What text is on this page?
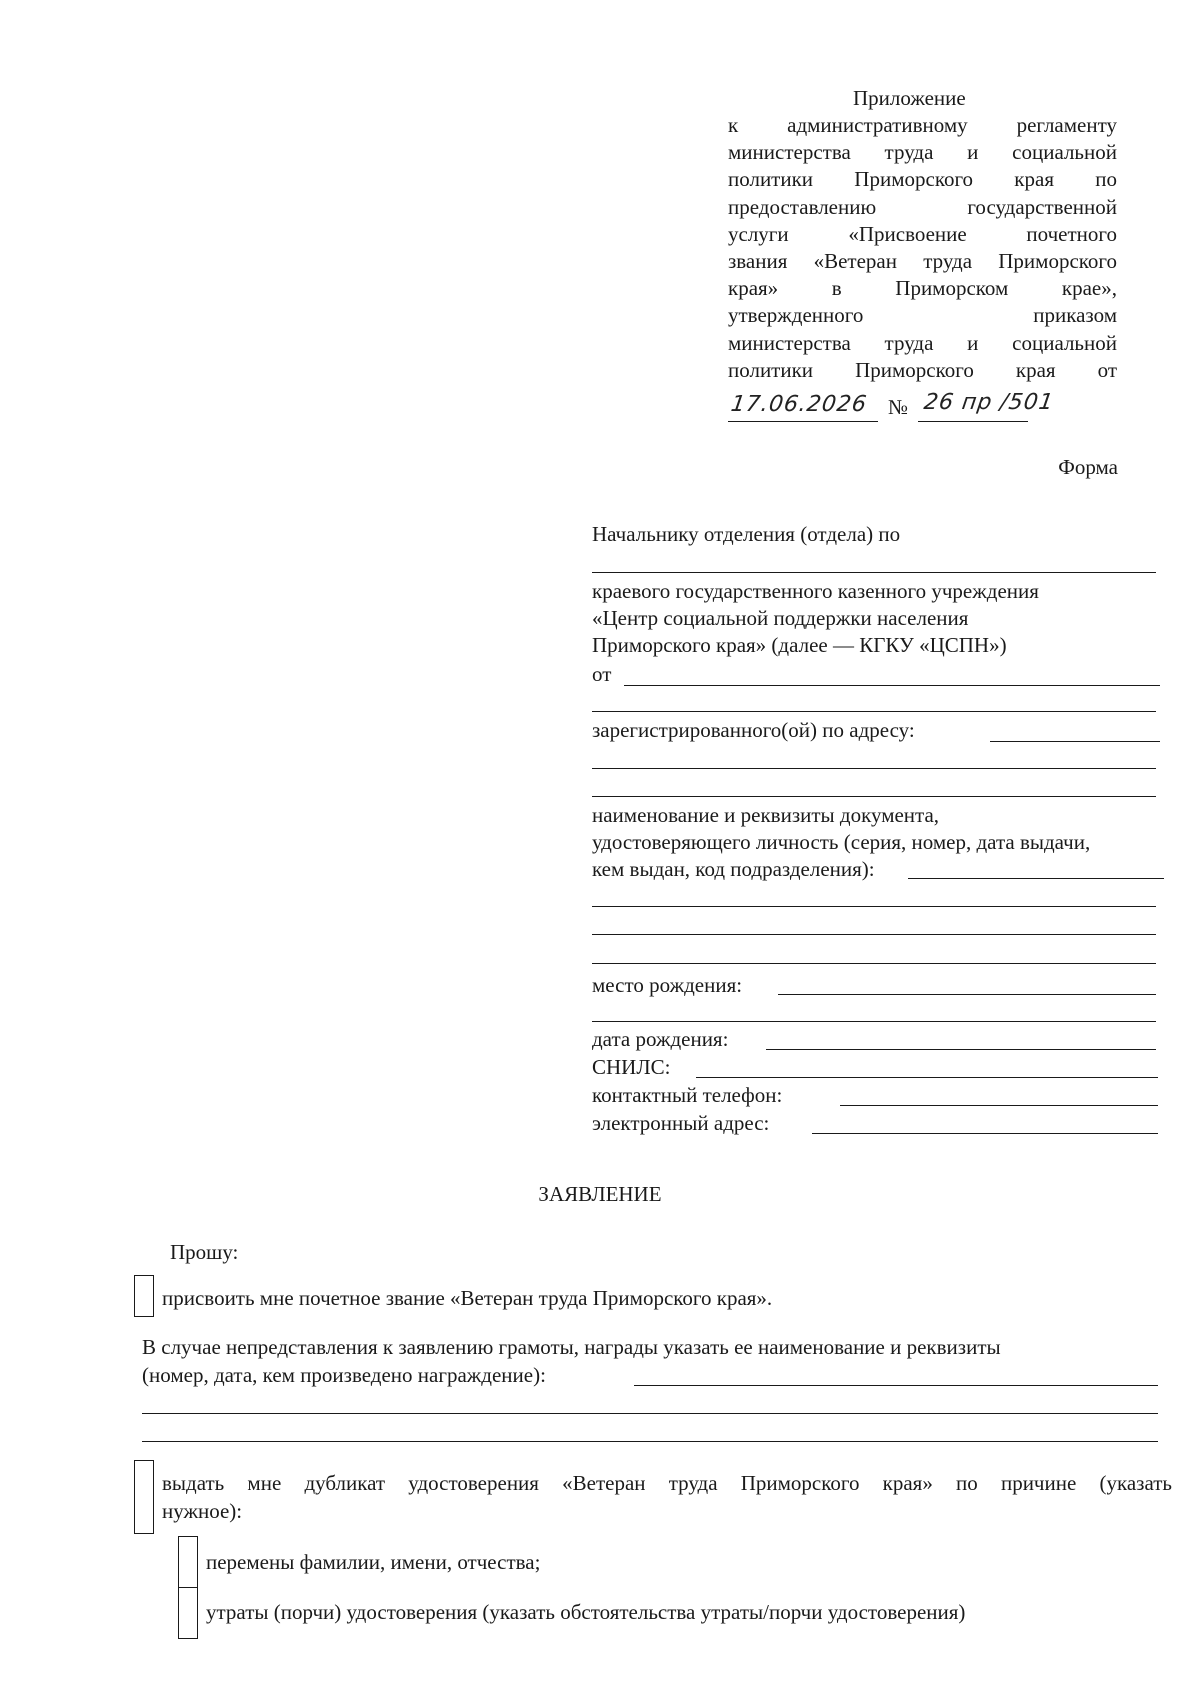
Приложение
к административному регламенту
министерства труда и социальной
политики Приморского края по
предоставлению государственной
услуги «Присвоение почетного
звания «Ветеран труда Приморского
края» в Приморском крае»,
утвержденного приказом
министерства труда и социальной
политики Приморского края от
17.06.2026 № 26 пр /501
Форма
Начальнику отделения (отдела) по
краевого государственного казенного учреждения
«Центр социальной поддержки населения
Приморского края» (далее — КГКУ «ЦСПН»)
от
зарегистрированного(ой) по адресу:
наименование и реквизиты документа,
удостоверяющего личность (серия, номер, дата выдачи,
кем выдан, код подразделения):
место рождения:
дата рождения:
СНИЛС:
контактный телефон:
электронный адрес:
ЗАЯВЛЕНИЕ
Прошу:
присвоить мне почетное звание «Ветеран труда Приморского края».
В случае непредставления к заявлению грамоты, награды указать ее наименование и реквизиты
(номер, дата, кем произведено награждение):
выдать мне дубликат удостоверения «Ветеран труда Приморского края» по причине (указать
нужное):
перемены фамилии, имени, отчества;
утраты (порчи) удостоверения (указать обстоятельства утраты/порчи удостоверения)
